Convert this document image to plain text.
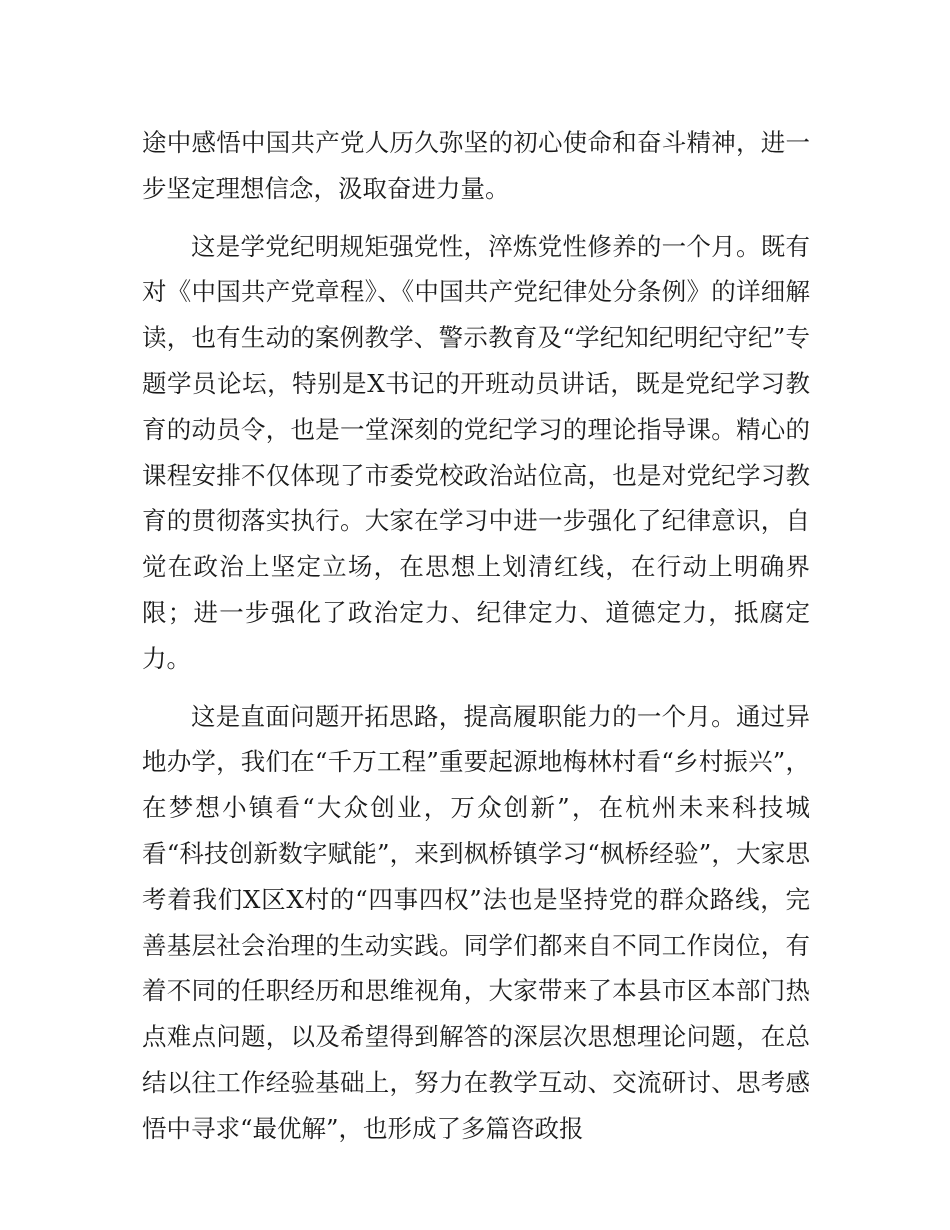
途中感悟中国共产党人历久弥坚的初心使命和奋斗精神，进一步坚定理想信念，汲取奋进力量。

这是学党纪明规矩强党性，淬炼党性修养的一个月。既有对《中国共产党章程》、《中国共产党纪律处分条例》的详细解读，也有生动的案例教学、警示教育及“学纪知纪明纪守纪”专题学员论坛，特别是X书记的开班动员讲话，既是党纪学习教育的动员令，也是一堂深刻的党纪学习的理论指导课。精心的课程安排不仅体现了市委党校政治站位高，也是对党纪学习教育的贯彻落实执行。大家在学习中进一步强化了纪律意识，自觉在政治上坚定立场，在思想上划清红线，在行动上明确界限；进一步强化了政治定力、纪律定力、道德定力，抵腐定力。

这是直面问题开拓思路，提高履职能力的一个月。通过异地办学，我们在“千万工程”重要起源地梅林村看“乡村振兴”，在梦想小镇看“大众创业，万众创新”，在杭州未来科技城看“科技创新数字赋能”，来到枫桥镇学习“枫桥经验”，大家思考着我们X区X村的“四事四权”法也是坚持党的群众路线，完善基层社会治理的生动实践。同学们都来自不同工作岗位，有着不同的任职经历和思维视角，大家带来了本县市区本部门热点难点问题，以及希望得到解答的深层次思想理论问题，在总结以往工作经验基础上，努力在教学互动、交流研讨、思考感悟中寻求“最优解”，也形成了多篇咨政报
